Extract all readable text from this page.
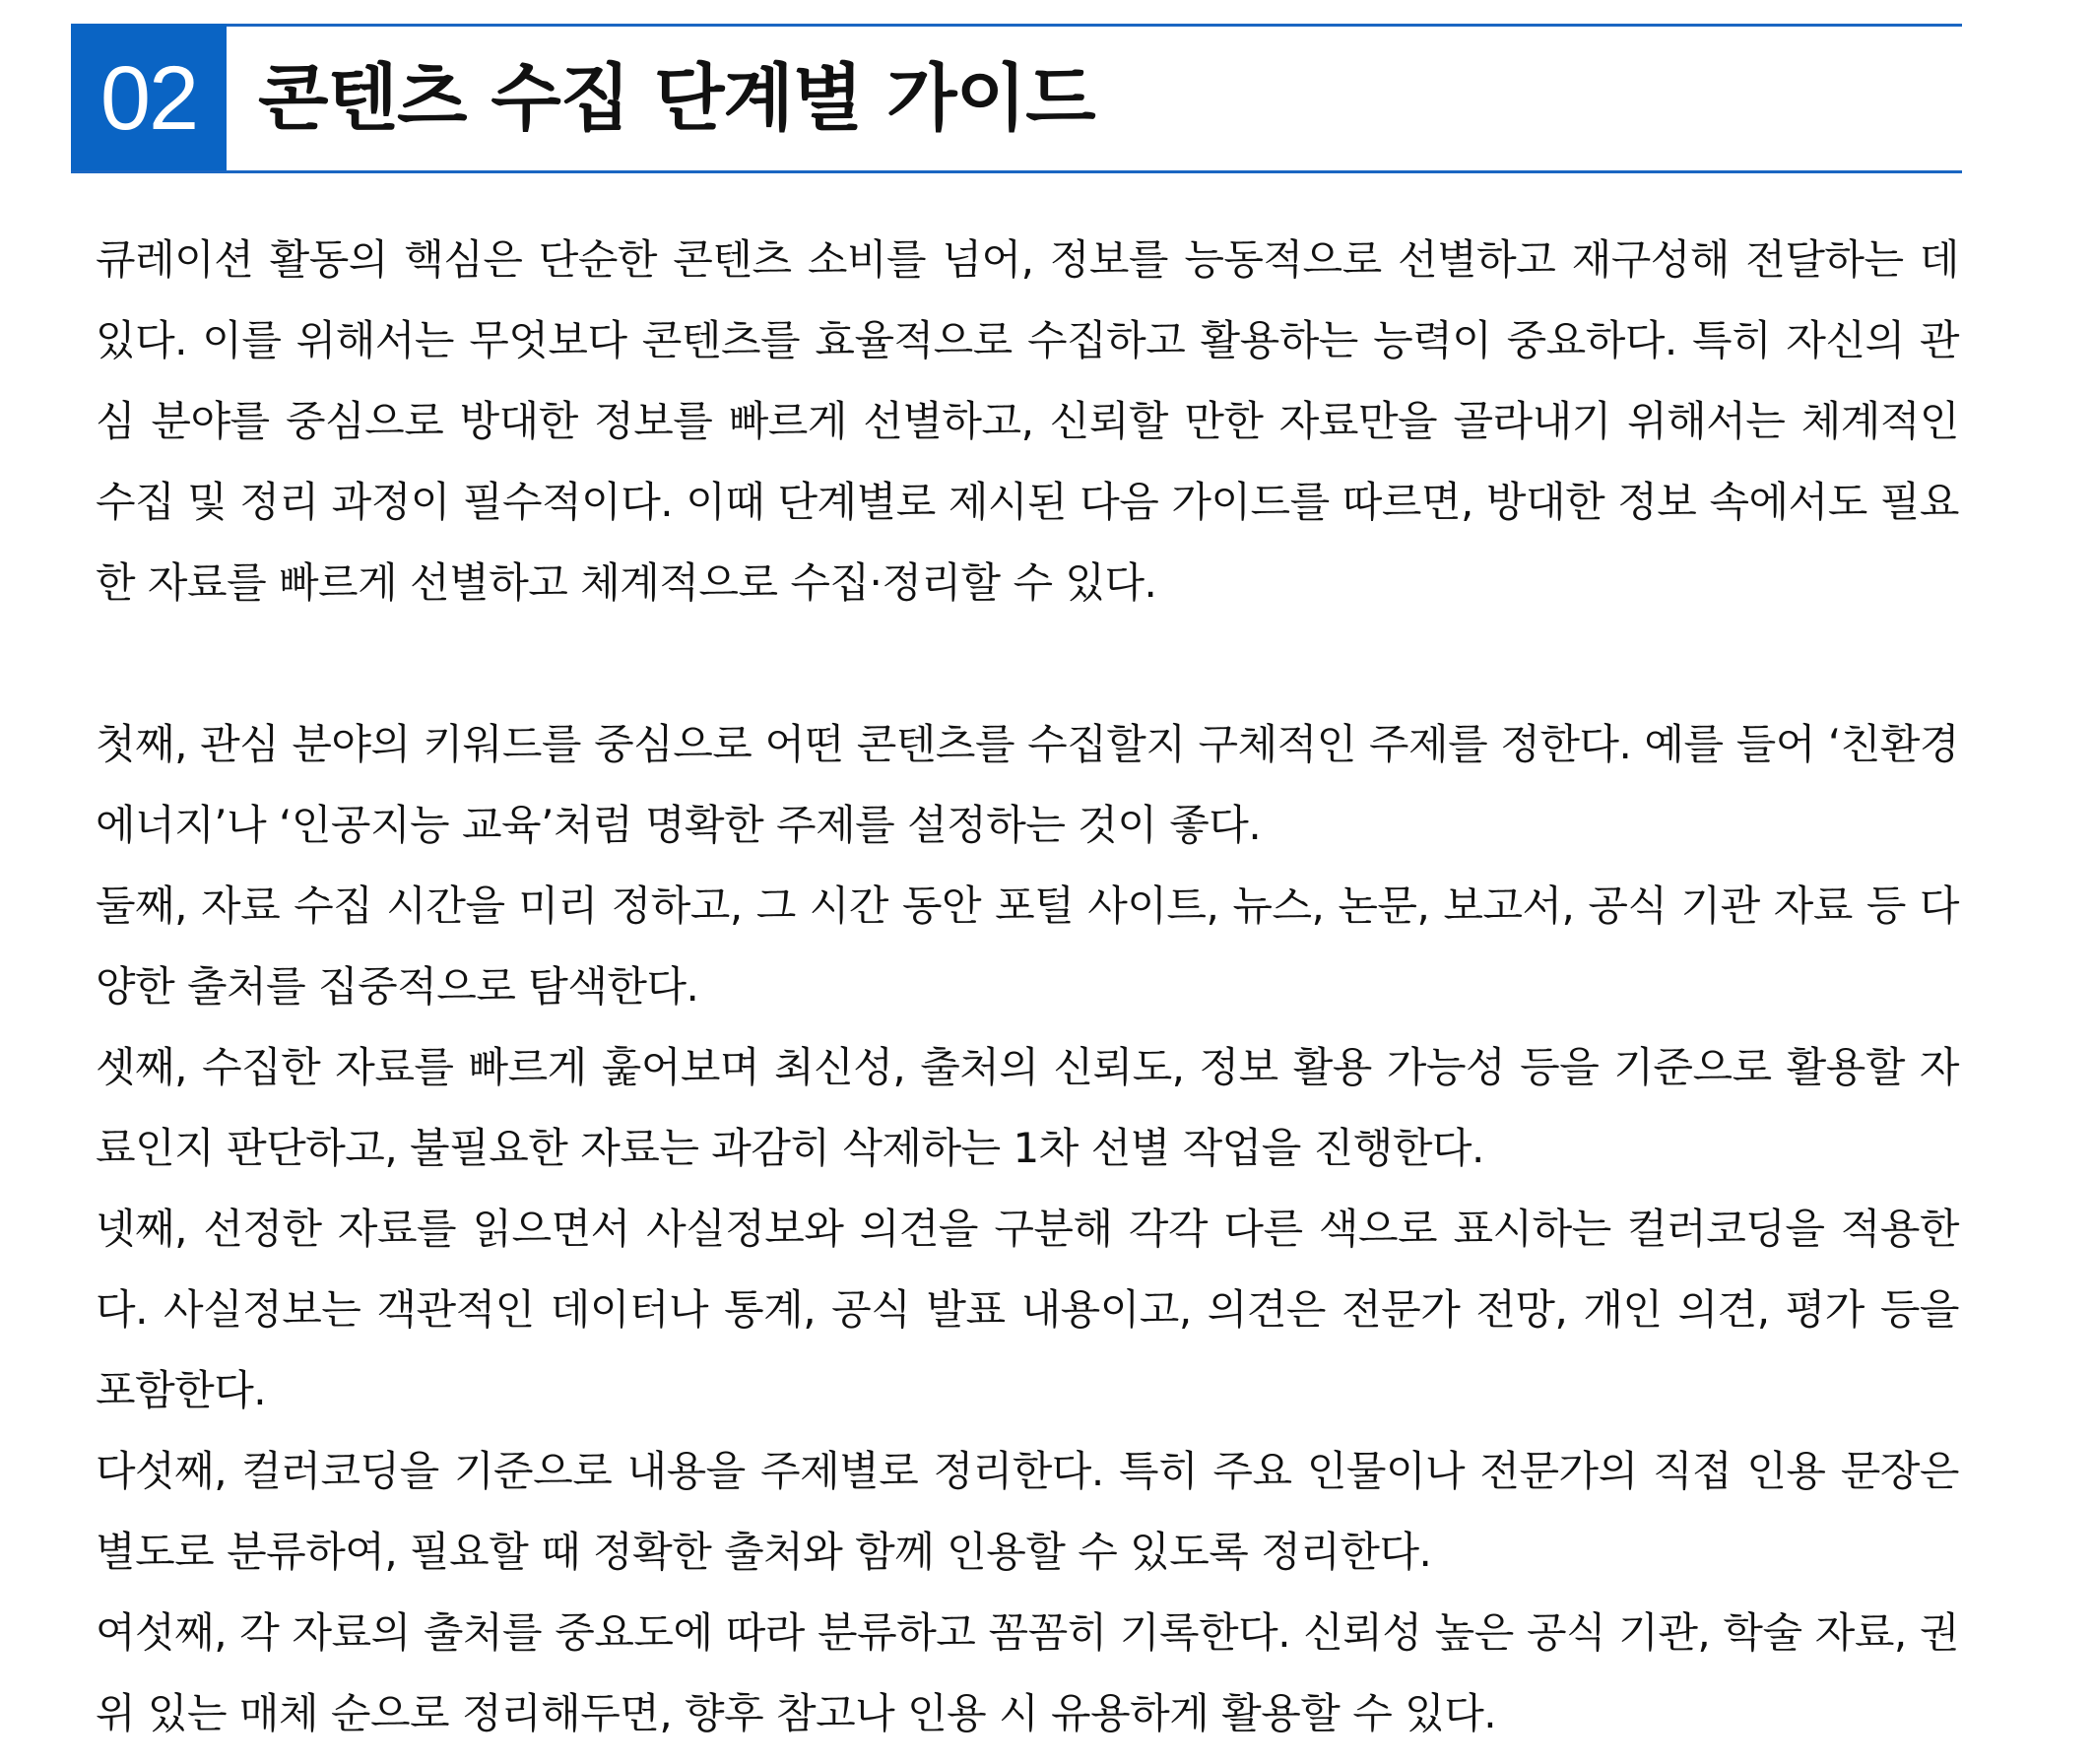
02 콘텐츠 수집 단계별 가이드

큐레이션 활동의 핵심은 단순한 콘텐츠 소비를 넘어, 정보를 능동적으로 선별하고 재구성해 전달하는 데 있다. 이를 위해서는 무엇보다 콘텐츠를 효율적으로 수집하고 활용하는 능력이 중요하다. 특히 자신의 관심 분야를 중심으로 방대한 정보를 빠르게 선별하고, 신뢰할 만한 자료만을 골라내기 위해서는 체계적인 수집 및 정리 과정이 필수적이다. 이때 단계별로 제시된 다음 가이드를 따르면, 방대한 정보 속에서도 필요한 자료를 빠르게 선별하고 체계적으로 수집·정리할 수 있다.

첫째, 관심 분야의 키워드를 중심으로 어떤 콘텐츠를 수집할지 구체적인 주제를 정한다. 예를 들어 ‘친환경 에너지’나 ‘인공지능 교육’처럼 명확한 주제를 설정하는 것이 좋다.

둘째, 자료 수집 시간을 미리 정하고, 그 시간 동안 포털 사이트, 뉴스, 논문, 보고서, 공식 기관 자료 등 다양한 출처를 집중적으로 탐색한다.

셋째, 수집한 자료를 빠르게 훑어보며 최신성, 출처의 신뢰도, 정보 활용 가능성 등을 기준으로 활용할 자료인지 판단하고, 불필요한 자료는 과감히 삭제하는 1차 선별 작업을 진행한다.

넷째, 선정한 자료를 읽으면서 사실정보와 의견을 구분해 각각 다른 색으로 표시하는 컬러코딩을 적용한다. 사실정보는 객관적인 데이터나 통계, 공식 발표 내용이고, 의견은 전문가 전망, 개인 의견, 평가 등을 포함한다.

다섯째, 컬러코딩을 기준으로 내용을 주제별로 정리한다. 특히 주요 인물이나 전문가의 직접 인용 문장은 별도로 분류하여, 필요할 때 정확한 출처와 함께 인용할 수 있도록 정리한다.

여섯째, 각 자료의 출처를 중요도에 따라 분류하고 꼼꼼히 기록한다. 신뢰성 높은 공식 기관, 학술 자료, 권위 있는 매체 순으로 정리해두면, 향후 참고나 인용 시 유용하게 활용할 수 있다.
